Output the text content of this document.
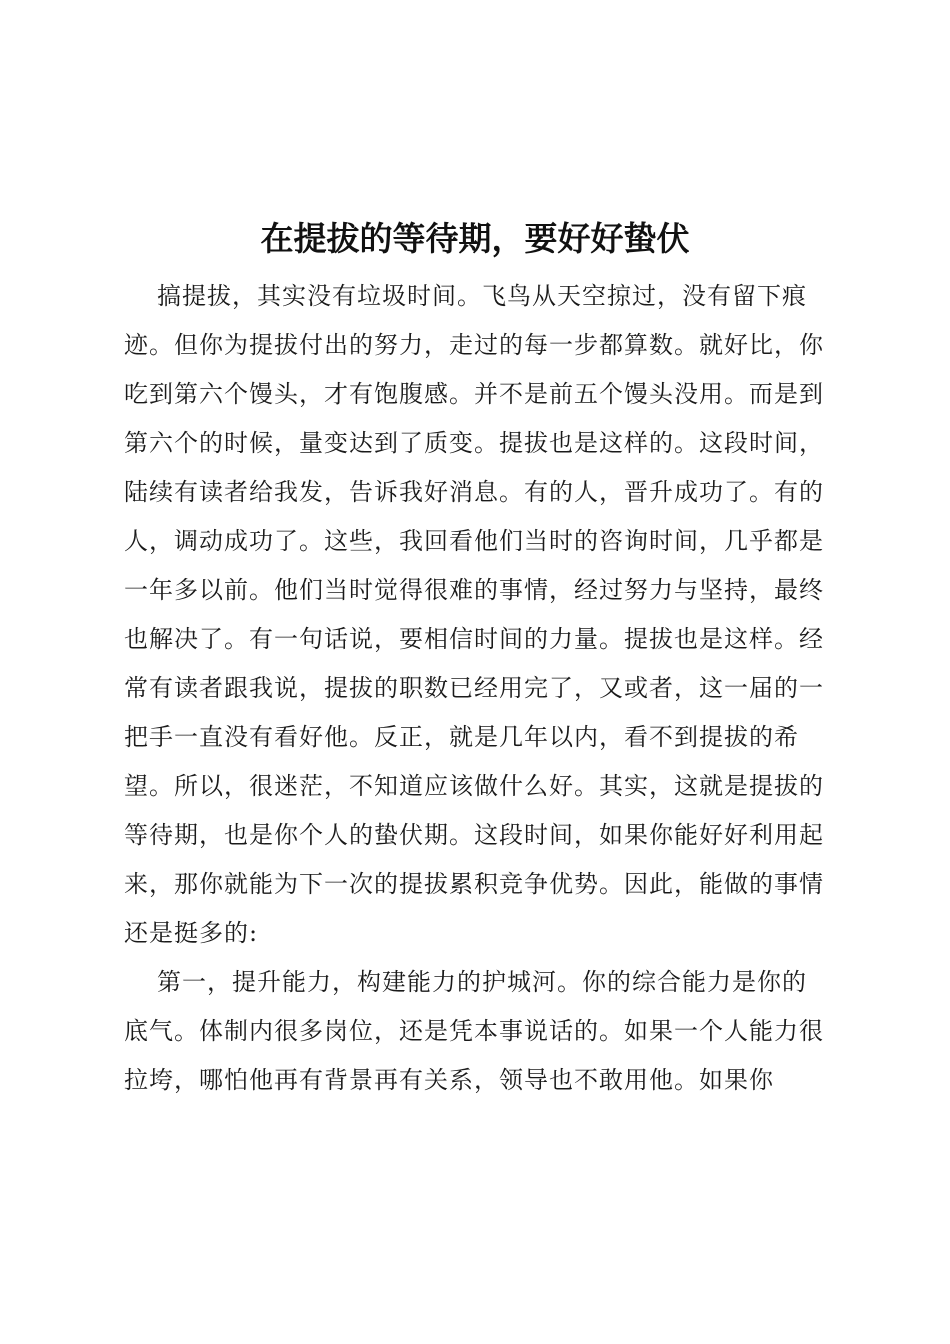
在提拔的等待期，要好好蛰伏

搞提拔，其实没有垃圾时间。飞鸟从天空掠过，没有留下痕迹。但你为提拔付出的努力，走过的每一步都算数。就好比，你吃到第六个馒头，才有饱腹感。并不是前五个馒头没用。而是到第六个的时候，量变达到了质变。提拔也是这样的。这段时间，陆续有读者给我发，告诉我好消息。有的人，晋升成功了。有的人，调动成功了。这些，我回看他们当时的咨询时间，几乎都是一年多以前。他们当时觉得很难的事情，经过努力与坚持，最终也解决了。有一句话说，要相信时间的力量。提拔也是这样。经常有读者跟我说，提拔的职数已经用完了，又或者，这一届的一把手一直没有看好他。反正，就是几年以内，看不到提拔的希望。所以，很迷茫，不知道应该做什么好。其实，这就是提拔的等待期，也是你个人的蛰伏期。这段时间，如果你能好好利用起来，那你就能为下一次的提拔累积竞争优势。因此，能做的事情还是挺多的:

第一，提升能力，构建能力的护城河。你的综合能力是你的底气。体制内很多岗位，还是凭本事说话的。如果一个人能力很拉垮，哪怕他再有背景再有关系，领导也不敢用他。如果你
